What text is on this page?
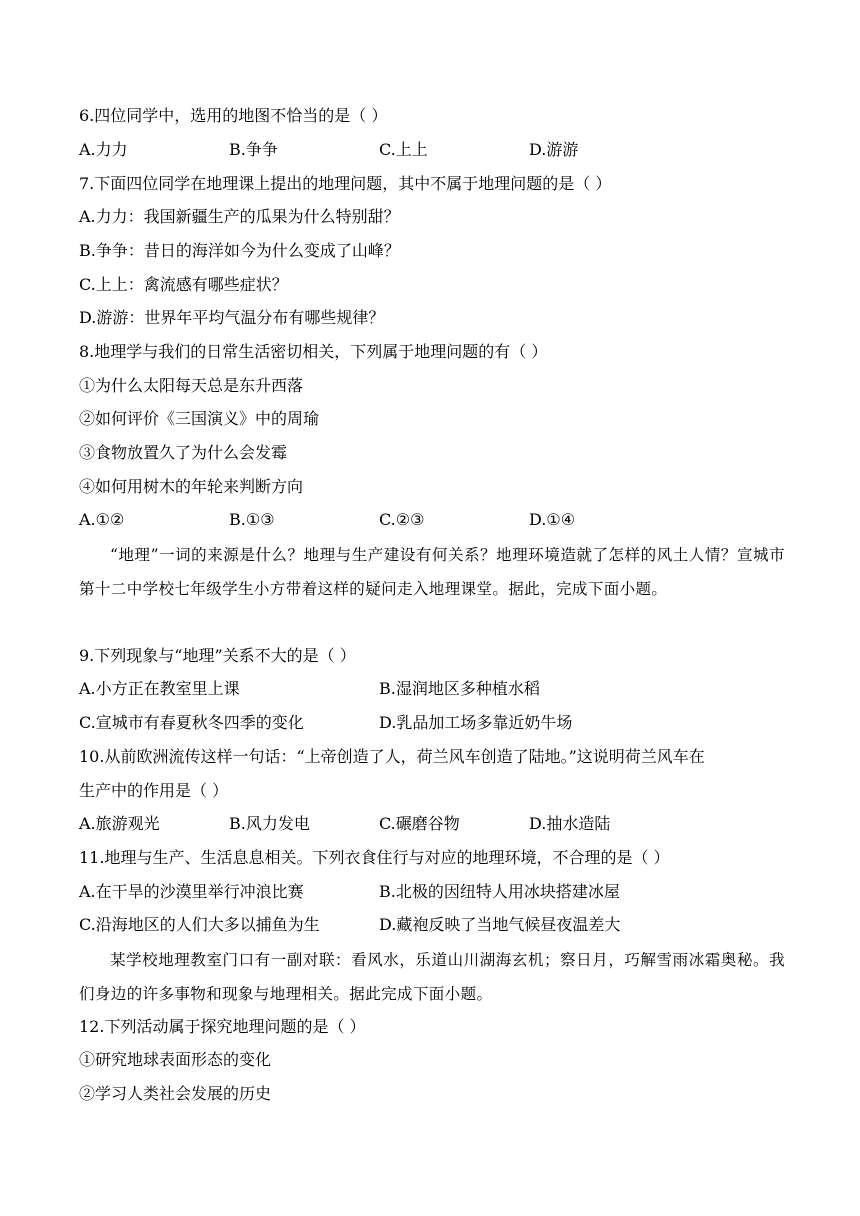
6.四位同学中，选用的地图不恰当的是（ ）
A.力力	B.争争	C.上上	D.游游
7.下面四位同学在地理课上提出的地理问题，其中不属于地理问题的是（ ）
A.力力：我国新疆生产的瓜果为什么特别甜？
B.争争：昔日的海洋如今为什么变成了山峰？
C.上上：禽流感有哪些症状？
D.游游：世界年平均气温分布有哪些规律？
8.地理学与我们的日常生活密切相关，下列属于地理问题的有（ ）
①为什么太阳每天总是东升西落
②如何评价《三国演义》中的周瑜
③食物放置久了为什么会发霉
④如何用树木的年轮来判断方向
A.①②	B.①③	C.②③	D.①④
“地理”一词的来源是什么？地理与生产建设有何关系？地理环境造就了怎样的风土人情？宣城市第十二中学校七年级学生小方带着这样的疑问走入地理课堂。据此，完成下面小题。
9.下列现象与“地理”关系不大的是（ ）
A.小方正在教室里上课	B.湿润地区多种植水稻
C.宣城市有春夏秋冬四季的变化	D.乳品加工场多靠近奶牛场
10.从前欧洲流传这样一句话：“上帝创造了人，荷兰风车创造了陆地。”这说明荷兰风车在
生产中的作用是（ ）
A.旅游观光	B.风力发电	C.碾磨谷物	D.抽水造陆
11.地理与生产、生活息息相关。下列衣食住行与对应的地理环境，不合理的是（ ）
A.在干旱的沙漠里举行冲浪比赛	B.北极的因纽特人用冰块搭建冰屋
C.沿海地区的人们大多以捕鱼为生	D.藏袍反映了当地气候昼夜温差大
某学校地理教室门口有一副对联：看风水，乐道山川湖海玄机；察日月，巧解雪雨冰霜奥秘。我们身边的许多事物和现象与地理相关。据此完成下面小题。
12.下列活动属于探究地理问题的是（ ）
①研究地球表面形态的变化
②学习人类社会发展的历史
